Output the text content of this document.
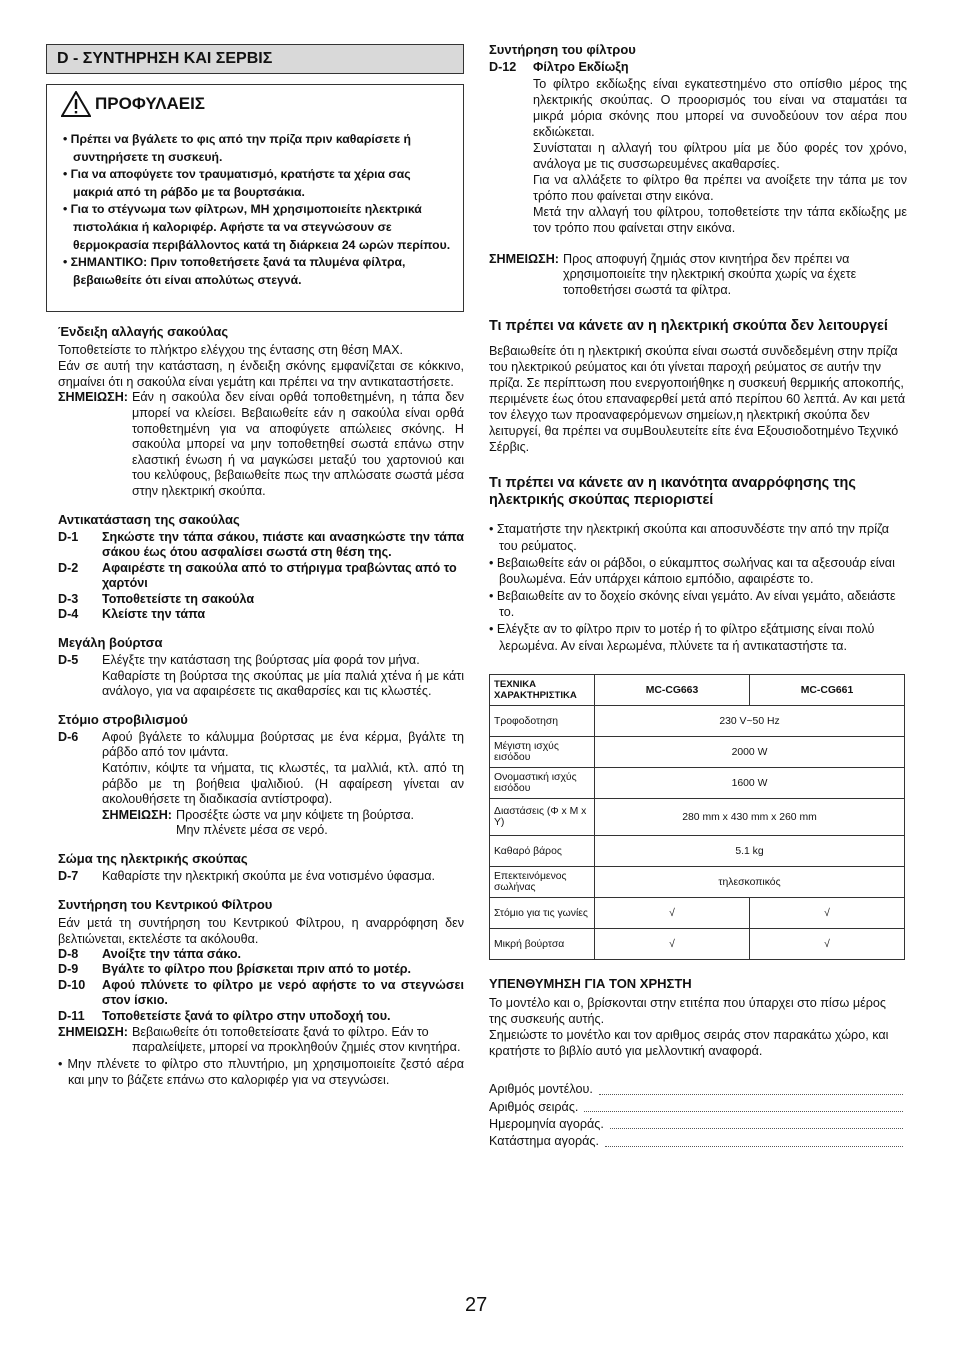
D - ΣΥΝΤΗΡΗΣΗ ΚΑΙ ΣΕΡΒΙΣ
ΠΡΟΦΥΛΑΕΙΣ
• Πρέπει να βγάλετε το φις από την πρίζα πριν καθαρίσετε ή συντηρήσετε τη συσκευή.
• Για να αποφύγετε τον τραυματισμό, κρατήστε τα χέρια σας μακριά από τη ράβδο με τα βουρτσάκια.
• Για το στέγνωμα των φίλτρων, ΜΗ χρησιμοποιείτε ηλεκτρικά πιστολάκια ή καλοριφέρ. Αφήστε τα να στεγνώσουν σε θερμοκρασία περιβάλλοντος κατά τη διάρκεια 24 ωρών περίπου.
• ΣΗΜΑΝΤΙΚΟ: Πριν τοποθετήσετε ξανά τα πλυμένα φίλτρα, βεβαιωθείτε ότι είναι απολύτως στεγνά.
Ένδειξη αλλαγής σακούλας
Τοποθετείστε το πλήκτρο ελέγχου της έντασης στη θέση MAX.
Εάν σε αυτή την κατάσταση, η ένδειξη σκόνης εμφανίζεται σε κόκκινο, σημαίνει ότι η σακούλα είναι γεμάτη και πρέπει να την αντικαταστήσετε.
ΣΗΜΕΙΩΣΗ: Εάν η σακούλα δεν είναι ορθά τοποθετημένη, η τάπα δεν μπορεί να κλείσει. Βεβαιωθείτε εάν η σακούλα είναι ορθά τοποθετημένη για να αποφύγετε απώλειες σκόνης. Η σακούλα μπορεί να μην τοποθετηθεί σωστά επάνω στην ελαστική ένωση ή να μαγκώσει μεταξύ του χαρτονιού και του κελύφους, βεβαιωθείτε πως την απλώσατε σωστά μέσα στην ηλεκτρική σκούπα.
Αντικατάσταση της σακούλας
D-1	Σηκώστε την τάπα σάκου, πιάστε και ανασηκώστε την τάπα σάκου έως ότου ασφαλίσει σωστά στη θέση της.
D-2	Αφαιρέστε τη σακούλα από το στήριγμα τραβώντας από το χαρτόνι
D-3	Τοποθετείστε τη σακούλα
D-4	Κλείστε την τάπα
Μεγάλη βούρτσα
D-5	Ελέγξτε την κατάσταση της βούρτσας μία φορά τον μήνα.
Καθαρίστε τη βούρτσα της σκούπας με μία παλιά χτένα ή με κάτι ανάλογο, για να αφαιρέσετε τις ακαθαρσίες και τις κλωστές.
Στόμιο στροβιλισμού
D-6	Αφού βγάλετε το κάλυμμα βούρτσας με ένα κέρμα, βγάλτε τη ράβδο από τον ιμάντα.
Κατόπιν, κόψτε τα νήματα, τις κλωστές, τα μαλλιά, κτλ. από τη ράβδο με τη βοήθεια ψαλιδιού. (Η αφαίρεση γίνεται αν ακολουθήσετε τη διαδικασία αντίστροφα).
ΣΗΜΕΙΩΣΗ: Προσέξτε ώστε να μην κόψετε τη βούρτσα.
Μην πλένετε μέσα σε νερό.
Σώμα της ηλεκτρικής σκούπας
D-7	Καθαρίστε την ηλεκτρική σκούπα με ένα νοτισμένο ύφασμα.
Συντήρηση του Κεντρικού Φίλτρου
Εάν μετά τη συντήρηση του Κεντρικού Φίλτρου, η αναρρόφηση δεν βελτιώνεται, εκτελέστε τα ακόλουθα.
D-8	Ανοίξτε την τάπα σάκο.
D-9	Βγάλτε το φίλτρο που βρίσκεται πριν από το μοτέρ.
D-10	Αφού πλύνετε το φίλτρο με νερό αφήστε το να στεγνώσει στον ίσκιο.
D-11	Τοποθετείστε ξανά το φίλτρο στην υποδοχή του.
ΣΗΜΕΙΩΣΗ: Βεβαιωθείτε ότι τοποθετείσατε ξανά το φίλτρο. Εάν το παραλείψετε, μπορεί να προκληθούν ζημιές στον κινητήρα.
• Μην πλένετε το φίλτρο στο πλυντήριο, μη χρησιμοποιείτε ζεστό αέρα και μην το βάζετε επάνω στο καλοριφέρ για να στεγνώσει.
Συντήρηση του φίλτρου
D-12	Φίλτρο Εκδίωξη
Το φίλτρο εκδίωξης είναι εγκατεστημένο στο οπίσθιο μέρος της ηλεκτρικής σκούπας. Ο προορισμός του είναι να σταματάει τα μικρά μόρια σκόνης που μπορεί να συνοδεύουν τον αέρα που εκδιώκεται.
Συνίσταται η αλλαγή του φίλτρου μία με δύο φορές τον χρόνο, ανάλογα με τις συσσωρευμένες ακαθαρσίες.
Για να αλλάξετε το φίλτρο θα πρέπει να ανοίξετε την τάπα με τον τρόπο που φαίνεται στην εικόνα.
Μετά την αλλαγή του φίλτρου, τοποθετείστε την τάπα εκδίωξης με τον τρόπο που φαίνεται στην εικόνα.
ΣΗΜΕΙΩΣΗ: Προς αποφυγή ζημιάς στον κινητήρα δεν πρέπει να χρησιμοποιείτε την ηλεκτρική σκούπα χωρίς να έχετε τοποθετήσει σωστά τα φίλτρα.
Τι πρέπει να κάνετε αν η ηλεκτρική σκούπα δεν λειτουργεί
Βεβαιωθείτε ότι η ηλεκτρική σκούπα είναι σωστά συνδεδεμένη στην πρίζα του ηλεκτρικού ρεύματος και ότι γίνεται παροχή ρεύματος σε αυτήν την πρίζα. Σε περίπτωση που ενεργοποιήθηκε η συσκευή θερμικής αποκοπής, περιμένετε έως ότου επαναφερθεί μετά από περίπου 60 λεπτά. Αν και μετά τον έλεγχο των προαναφερόμενων σημείων,η ηλεκτρική σκούπα δεν λειτυργεί, θα πρέπει να συμΒουλευτείτε είτε ένα Εξουσιοδοτημένο Τεχνικό Σέρβις.
Τι πρέπει να κάνετε αν η ικανότητα αναρρόφησης της ηλεκτρικής σκούπας περιοριστεί
• Σταματήστε την ηλεκτρική σκούπα και αποσυνδέστε την από την πρίζα του ρεύματος.
• Βεβαιωθείτε εάν οι ράβδοι, ο εύκαμπτος σωλήνας και τα αξεσουάρ είναι βουλωμένα. Εάν υπάρχει κάποιο εμπόδιο, αφαιρέστε το.
• Βεβαιωθείτε αν το δοχείο σκόνης είναι γεμάτο. Αν είναι γεμάτο, αδειάστε το.
• Ελέγξτε αν το φίλτρο πριν το μοτέρ ή το φίλτρο εξάτμισης είναι πολύ λερωμένα. Αν είναι λερωμένα, πλύνετε τα ή αντικαταστήστε τα.
ΤΕΧΝΙΚΑ ΧΑΡΑΚΤΗΡΙΣΤΙΚΑ	MC-CG663	MC-CG661
Τροφοδοτηση	230 V~50 Hz	
Μέγιστη ισχύς εισόδου	2000 W	
Ονομαστική ισχύς εισόδου	1600 W	
Διαστάσεις (Φ x Μ x Υ)	280 mm x 430 mm x 260 mm	
Καθαρό βάρος	5.1 kg	
Επεκτεινόμενος σωλήνας	τηλεσκοπικός	
Στόμιο για τις γωνίες	√	√
Μικρή βούρτσα	√	√
ΥΠΕΝΘΥΜΗΣΗ ΓΙΑ ΤΟΝ ΧΡΗΣΤΗ
Το μοντέλο και ο, βρίσκονται στην ετιτέπα που ύπαρχει στο πίσω μέρος της συσκευής αυτής.
Σημειώστε το μονέτλο και τον αριθμος σειράς στον παρακάτω χώρο, και κρατήστε το βιβλίο αυτό για μελλοντική αναφορά.
Αριθμός μοντέλου.
Αριθμός σειράς.
Ημερομηνία αγοράς.
Κατάστημα αγοράς.
27
